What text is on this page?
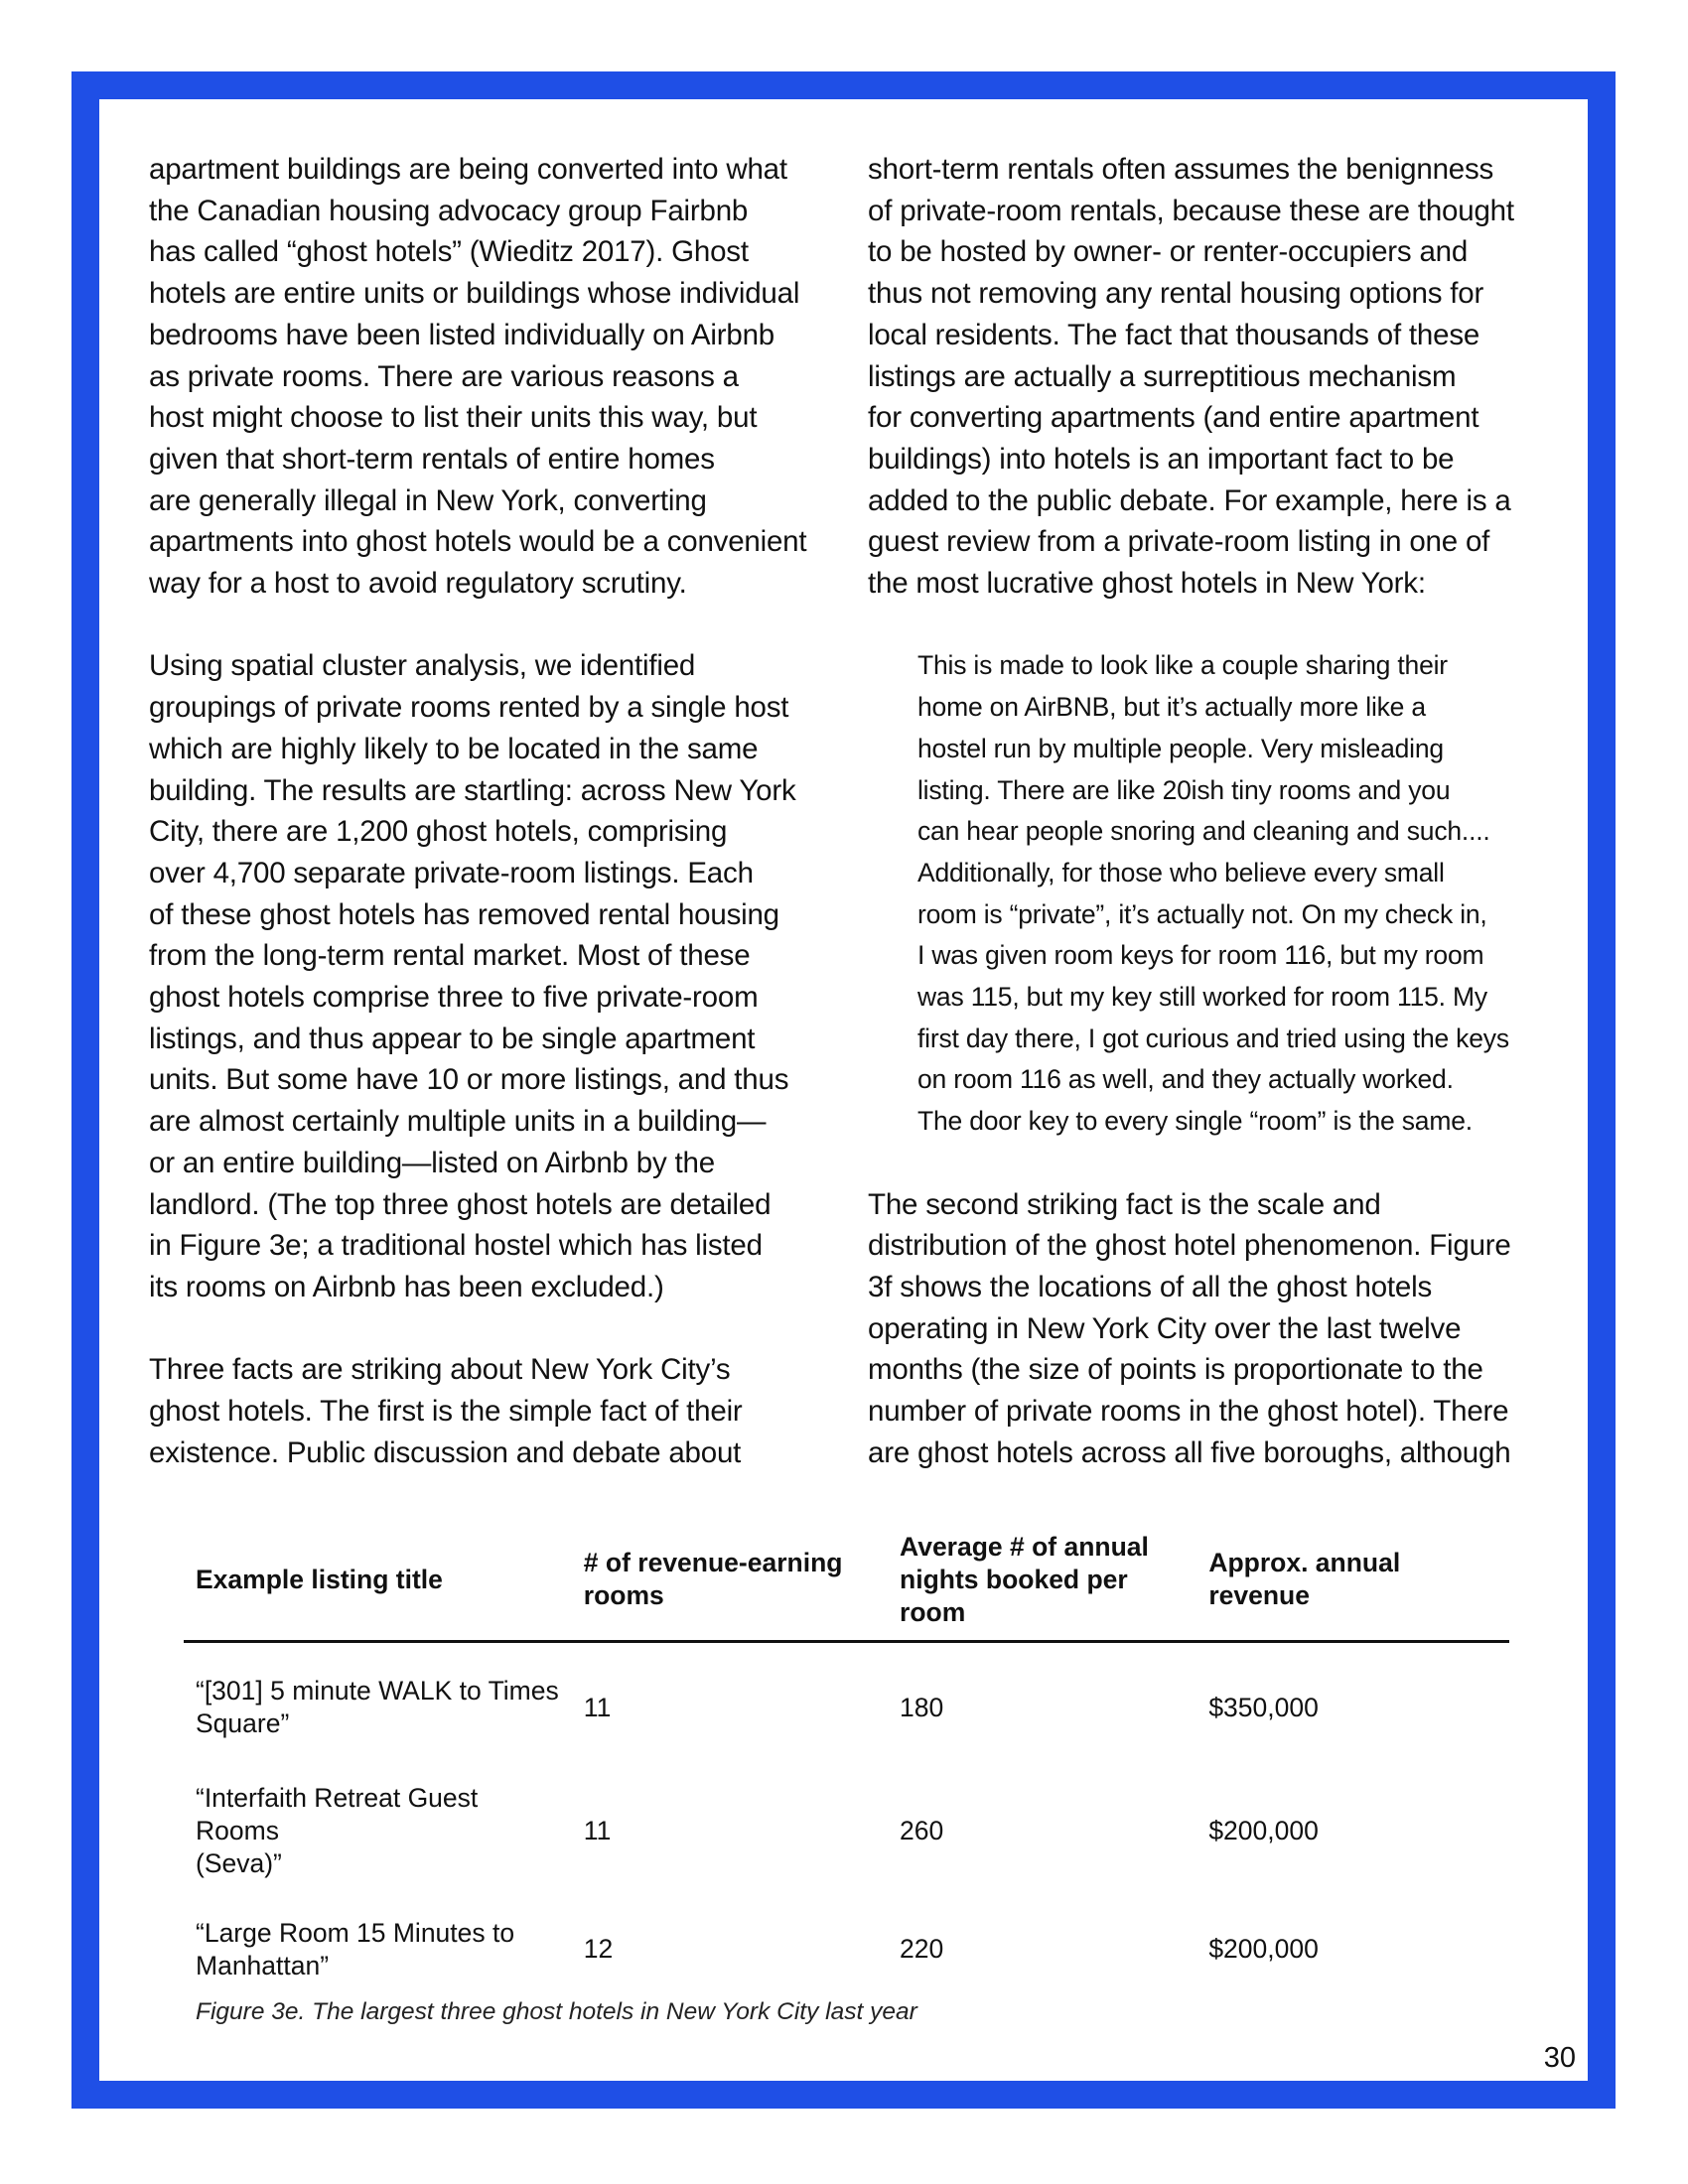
apartment buildings are being converted into what
the Canadian housing advocacy group Fairbnb
has called “ghost hotels” (Wieditz 2017). Ghost
hotels are entire units or buildings whose individual
bedrooms have been listed individually on Airbnb
as private rooms. There are various reasons a
host might choose to list their units this way, but
given that short-term rentals of entire homes
are generally illegal in New York, converting
apartments into ghost hotels would be a convenient
way for a host to avoid regulatory scrutiny.

Using spatial cluster analysis, we identified
groupings of private rooms rented by a single host
which are highly likely to be located in the same
building. The results are startling: across New York
City, there are 1,200 ghost hotels, comprising
over 4,700 separate private-room listings. Each
of these ghost hotels has removed rental housing
from the long-term rental market. Most of these
ghost hotels comprise three to five private-room
listings, and thus appear to be single apartment
units. But some have 10 or more listings, and thus
are almost certainly multiple units in a building—
or an entire building—listed on Airbnb by the
landlord. (The top three ghost hotels are detailed
in Figure 3e; a traditional hostel which has listed
its rooms on Airbnb has been excluded.)

Three facts are striking about New York City’s
ghost hotels. The first is the simple fact of their
existence. Public discussion and debate about

short-term rentals often assumes the benignness
of private-room rentals, because these are thought
to be hosted by owner- or renter-occupiers and
thus not removing any rental housing options for
local residents. The fact that thousands of these
listings are actually a surreptitious mechanism
for converting apartments (and entire apartment
buildings) into hotels is an important fact to be
added to the public debate. For example, here is a
guest review from a private-room listing in one of
the most lucrative ghost hotels in New York:

This is made to look like a couple sharing their
home on AirBNB, but it’s actually more like a
hostel run by multiple people. Very misleading
listing. There are like 20ish tiny rooms and you
can hear people snoring and cleaning and such....
Additionally, for those who believe every small
room is “private”, it’s actually not. On my check in,
I was given room keys for room 116, but my room
was 115, but my key still worked for room 115. My
first day there, I got curious and tried using the keys
on room 116 as well, and they actually worked.
The door key to every single “room” is the same.

The second striking fact is the scale and
distribution of the ghost hotel phenomenon. Figure
3f shows the locations of all the ghost hotels
operating in New York City over the last twelve
months (the size of points is proportionate to the
number of private rooms in the ghost hotel). There
are ghost hotels across all five boroughs, although

Example listing title	# of revenue-earning
rooms	Average # of annual
nights booked per
room	Approx. annual
revenue
“[301] 5 minute WALK to Times
Square”	11	180	$350,000
“Interfaith Retreat Guest Rooms
(Seva)”	11	260	$200,000
“Large Room 15 Minutes to
Manhattan”	12	220	$200,000
Figure 3e. The largest three ghost hotels in New York City last year
30
